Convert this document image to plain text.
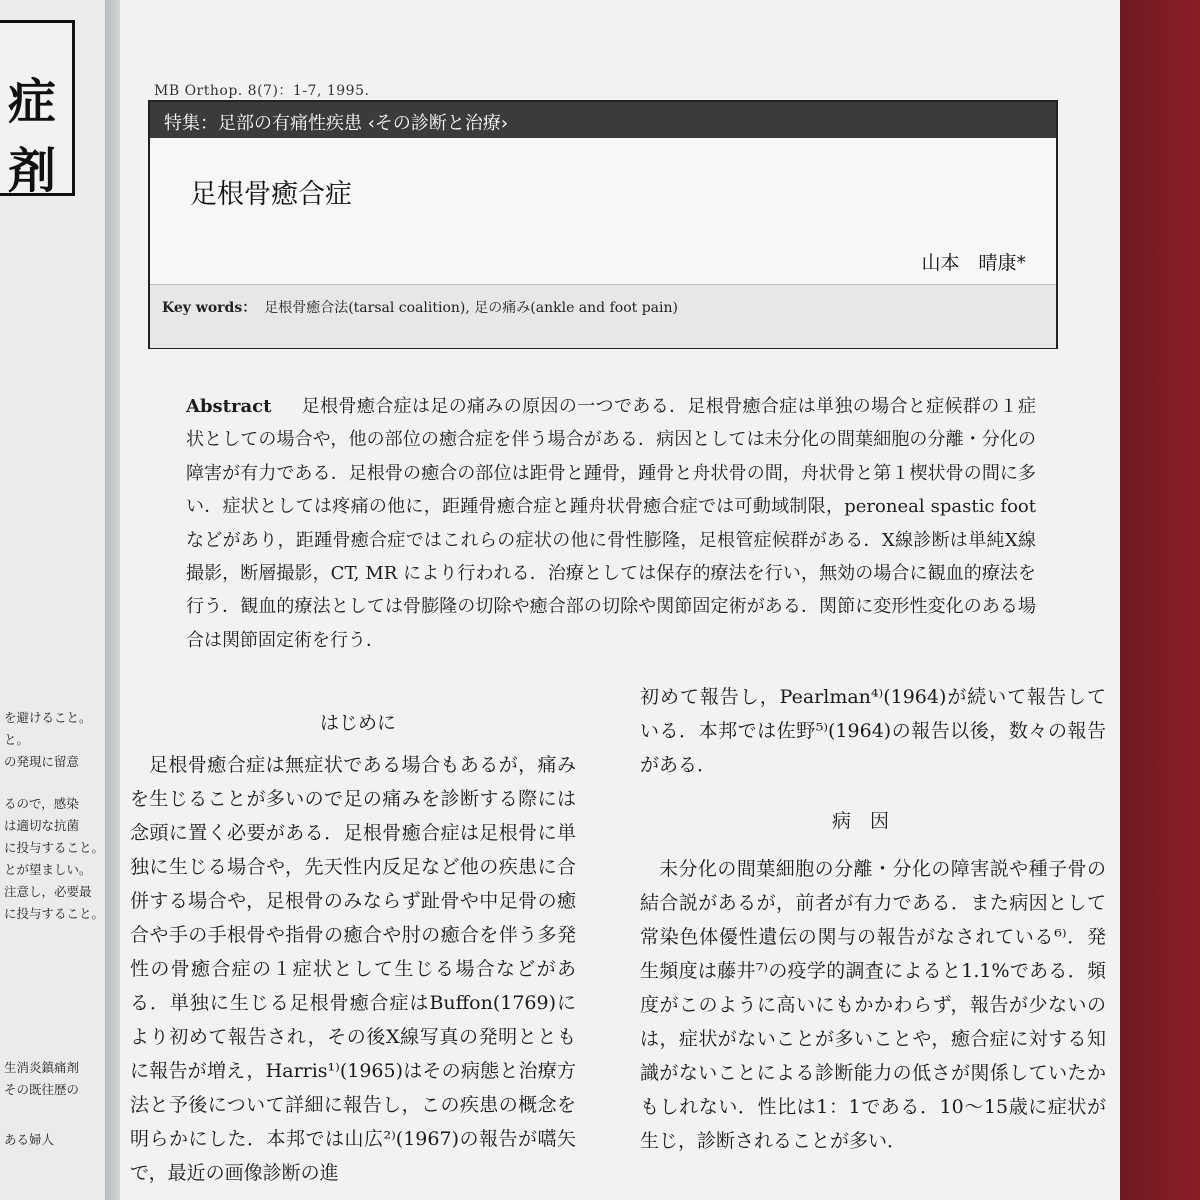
症剤
を避けること。
と。
の発現に留意
るので，感染
は適切な抗菌
に投与すること。
とが望ましい。
注意し，必要最
に投与すること。
生消炎鎮痛剤
その既往歴の
ある婦人
MB Orthop. 8(7)：1-7, 1995.
特集：足部の有痛性疾患 ‹その診断と治療›
足根骨癒合症
山本　晴康*
Key words： 足根骨癒合法(tarsal coalition), 足の痛み(ankle and foot pain)
Abstract 足根骨癒合症は足の痛みの原因の一つである．足根骨癒合症は単独の場合と症候群の１症状としての場合や，他の部位の癒合症を伴う場合がある．病因としては未分化の間葉細胞の分離・分化の障害が有力である．足根骨の癒合の部位は距骨と踵骨，踵骨と舟状骨の間，舟状骨と第１楔状骨の間に多い．症状としては疼痛の他に，距踵骨癒合症と踵舟状骨癒合症では可動域制限，peroneal spastic foot などがあり，距踵骨癒合症ではこれらの症状の他に骨性膨隆，足根管症候群がある．X線診断は単純X線撮影，断層撮影，CT, MR により行われる．治療としては保存的療法を行い，無効の場合に観血的療法を行う．観血的療法としては骨膨隆の切除や癒合部の切除や関節固定術がある．関節に変形性変化のある場合は関節固定術を行う．
はじめに

足根骨癒合症は無症状である場合もあるが，痛みを生じることが多いので足の痛みを診断する際には念頭に置く必要がある．足根骨癒合症は足根骨に単独に生じる場合や，先天性内反足など他の疾患に合併する場合や，足根骨のみならず趾骨や中足骨の癒合や手の手根骨や指骨の癒合や肘の癒合を伴う多発性の骨癒合症の１症状として生じる場合などがある．単独に生じる足根骨癒合症はBuffon(1769)により初めて報告され，その後X線写真の発明とともに報告が増え，Harris¹⁾(1965)はその病態と治療方法と予後について詳細に報告し，この疾患の概念を明らかにした．本邦では山広²⁾(1967)の報告が嚆矢で，最近の画像診断の進

初めて報告し，Pearlman⁴⁾(1964)が続いて報告している．本邦では佐野⁵⁾(1964)の報告以後，数々の報告がある．

病　因

未分化の間葉細胞の分離・分化の障害説や種子骨の結合説があるが，前者が有力である．また病因として常染色体優性遺伝の関与の報告がなされている⁶⁾．発生頻度は藤井⁷⁾の疫学的調査によると1.1%である．頻度がこのように高いにもかかわらず，報告が少ないのは，症状がないことが多いことや，癒合症に対する知識がないことによる診断能力の低さが関係していたかもしれない．性比は1：1である．10〜15歳に症状が生じ，診断されることが多い．
